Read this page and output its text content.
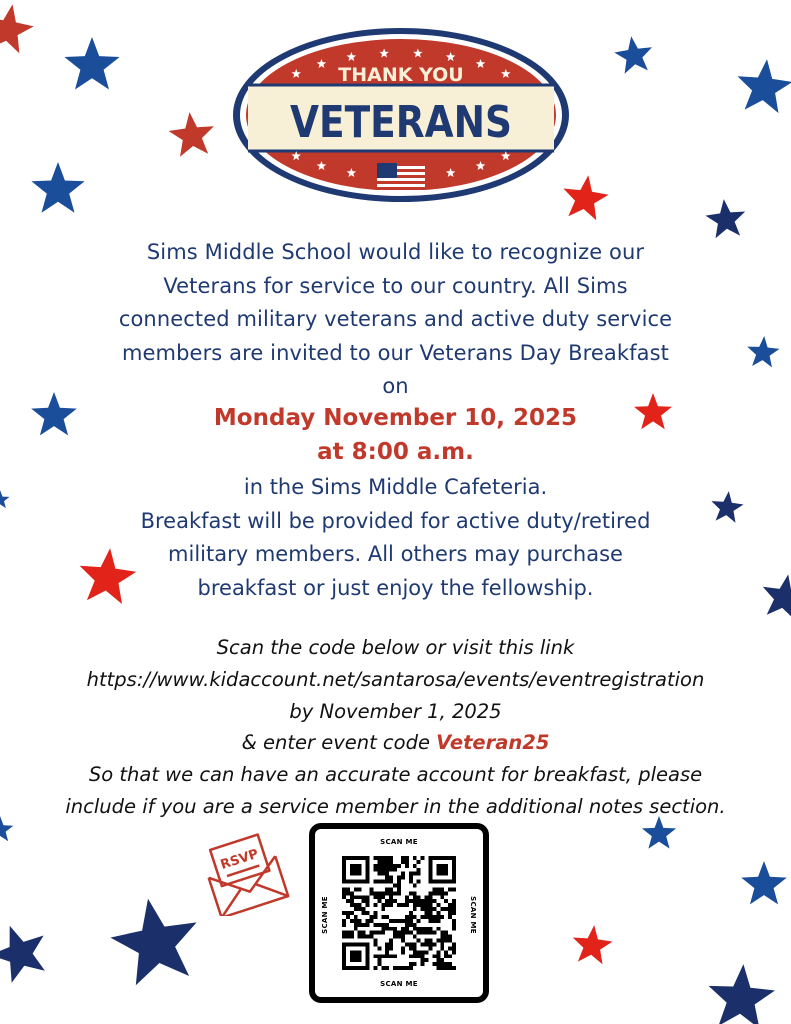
THANK YOU
VETERANS
Sims Middle School would like to recognize our
Veterans for service to our country. All Sims
connected military veterans and active duty service
members are invited to our Veterans Day Breakfast
on
Monday November 10, 2025
at 8:00 a.m.
in the Sims Middle Cafeteria.
Breakfast will be provided for active duty/retired
military members. All others may purchase
breakfast or just enjoy the fellowship.
Scan the code below or visit this link
https://www.kidaccount.net/santarosa/events/eventregistration
by November 1, 2025
& enter event code Veteran25
So that we can have an accurate account for breakfast, please
include if you are a service member in the additional notes section.
RSVP
SCAN ME
SCAN ME
SCAN ME	SCAN ME
